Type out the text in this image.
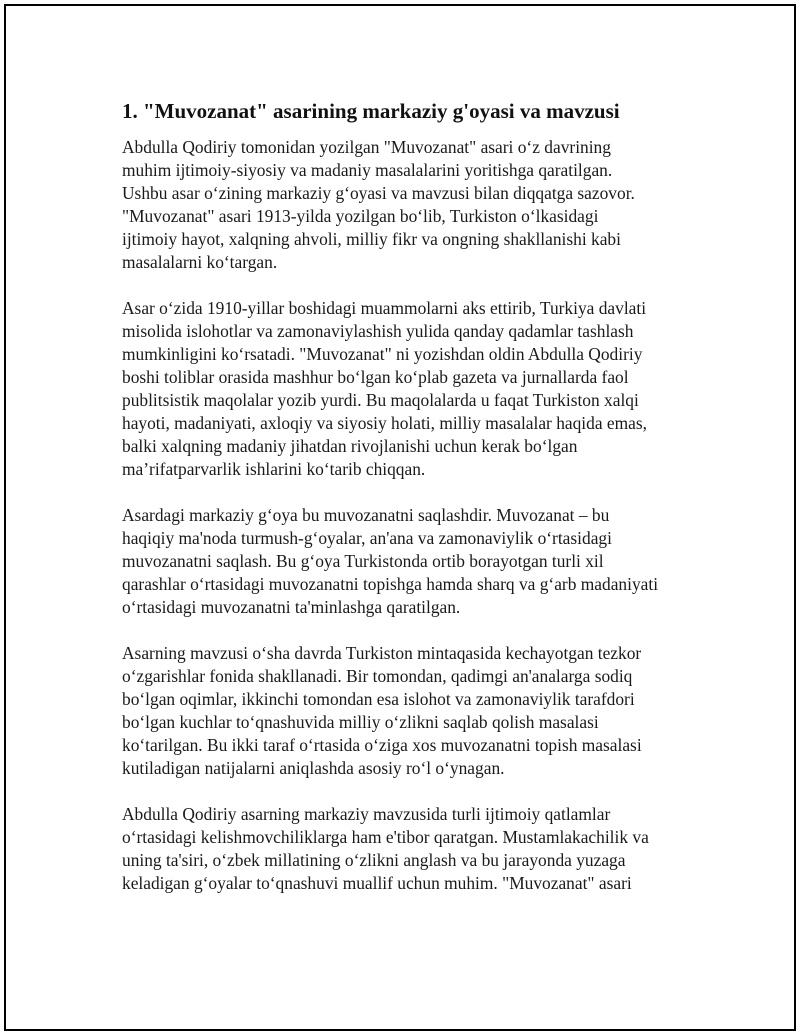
1. "Muvozanat" asarining markaziy g'oyasi va mavzusi
Abdulla Qodiriy tomonidan yozilgan "Muvozanat" asari o‘z davrining
muhim ijtimoiy-siyosiy va madaniy masalalarini yoritishga qaratilgan.
Ushbu asar o‘zining markaziy g‘oyasi va mavzusi bilan diqqatga sazovor.
"Muvozanat" asari 1913-yilda yozilgan bo‘lib, Turkiston o‘lkasidagi
ijtimoiy hayot, xalqning ahvoli, milliy fikr va ongning shakllanishi kabi
masalalarni ko‘targan.
Asar o‘zida 1910-yillar boshidagi muammolarni aks ettirib, Turkiya davlati
misolida islohotlar va zamonaviylashish yulida qanday qadamlar tashlash
mumkinligini ko‘rsatadi. "Muvozanat" ni yozishdan oldin Abdulla Qodiriy
boshi toliblar orasida mashhur bo‘lgan ko‘plab gazeta va jurnallarda faol
publitsistik maqolalar yozib yurdi. Bu maqolalarda u faqat Turkiston xalqi
hayoti, madaniyati, axloqiy va siyosiy holati, milliy masalalar haqida emas,
balki xalqning madaniy jihatdan rivojlanishi uchun kerak bo‘lgan
ma’rifatparvarlik ishlarini ko‘tarib chiqqan.
Asardagi markaziy g‘oya bu muvozanatni saqlashdir. Muvozanat – bu
haqiqiy ma'noda turmush-g‘oyalar, an'ana va zamonaviylik o‘rtasidagi
muvozanatni saqlash. Bu g‘oya Turkistonda ortib borayotgan turli xil
qarashlar o‘rtasidagi muvozanatni topishga hamda sharq va g‘arb madaniyati
o‘rtasidagi muvozanatni ta'minlashga qaratilgan.
Asarning mavzusi o‘sha davrda Turkiston mintaqasida kechayotgan tezkor
o‘zgarishlar fonida shakllanadi. Bir tomondan, qadimgi an'analarga sodiq
bo‘lgan oqimlar, ikkinchi tomondan esa islohot va zamonaviylik tarafdori
bo‘lgan kuchlar to‘qnashuvida milliy o‘zlikni saqlab qolish masalasi
ko‘tarilgan. Bu ikki taraf o‘rtasida o‘ziga xos muvozanatni topish masalasi
kutiladigan natijalarni aniqlashda asosiy ro‘l o‘ynagan.
Abdulla Qodiriy asarning markaziy mavzusida turli ijtimoiy qatlamlar
o‘rtasidagi kelishmovchiliklarga ham e'tibor qaratgan. Mustamlakachilik va
uning ta'siri, o‘zbek millatining o‘zlikni anglash va bu jarayonda yuzaga
keladigan g‘oyalar to‘qnashuvi muallif uchun muhim. "Muvozanat" asari
